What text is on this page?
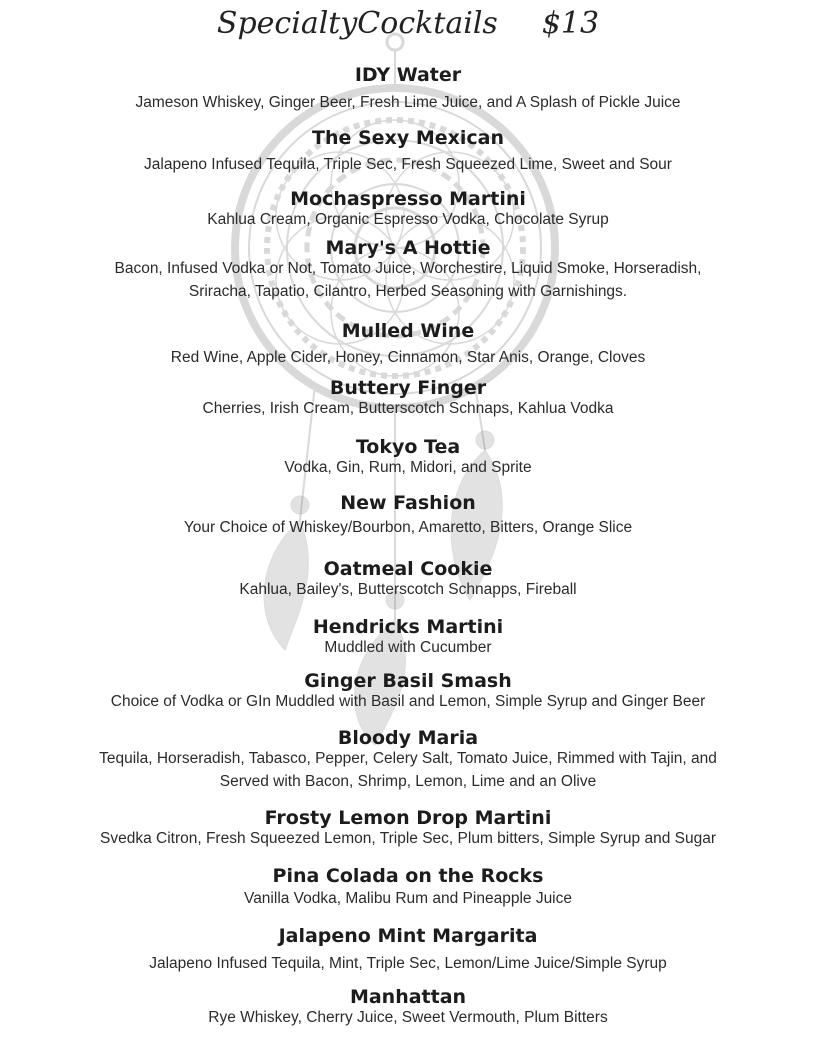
SpecialtyCocktails $13
IDY Water
Jameson Whiskey, Ginger Beer, Fresh Lime Juice, and A Splash of Pickle Juice
The Sexy Mexican
Jalapeno Infused Tequila, Triple Sec, Fresh Squeezed Lime, Sweet and Sour
Mochaspresso Martini
Kahlua Cream, Organic Espresso Vodka, Chocolate Syrup
Mary's A Hottie
Bacon, Infused Vodka or Not, Tomato Juice, Worchestire, Liquid Smoke, Horseradish,
Sriracha, Tapatio, Cilantro, Herbed Seasoning with Garnishings.
Mulled Wine
Red Wine, Apple Cider, Honey, Cinnamon, Star Anis, Orange, Cloves
Buttery Finger
Cherries, Irish Cream, Butterscotch Schnaps, Kahlua Vodka
Tokyo Tea
Vodka, Gin, Rum, Midori, and Sprite
New Fashion
Your Choice of Whiskey/Bourbon, Amaretto, Bitters, Orange Slice
Oatmeal Cookie
Kahlua, Bailey's, Butterscotch Schnapps, Fireball
Hendricks Martini
Muddled with Cucumber
Ginger Basil Smash
Choice of Vodka or GIn Muddled with Basil and Lemon, Simple Syrup and Ginger Beer
Bloody Maria
Tequila, Horseradish, Tabasco, Pepper, Celery Salt, Tomato Juice, Rimmed with Tajin, and
Served with Bacon, Shrimp, Lemon, Lime and an Olive
Frosty Lemon Drop Martini
Svedka Citron, Fresh Squeezed Lemon, Triple Sec, Plum bitters, Simple Syrup and Sugar
Pina Colada on the Rocks
Vanilla Vodka, Malibu Rum and Pineapple Juice
Jalapeno Mint Margarita
Jalapeno Infused Tequila, Mint, Triple Sec, Lemon/Lime Juice/Simple Syrup
Manhattan
Rye Whiskey, Cherry Juice, Sweet Vermouth, Plum Bitters
